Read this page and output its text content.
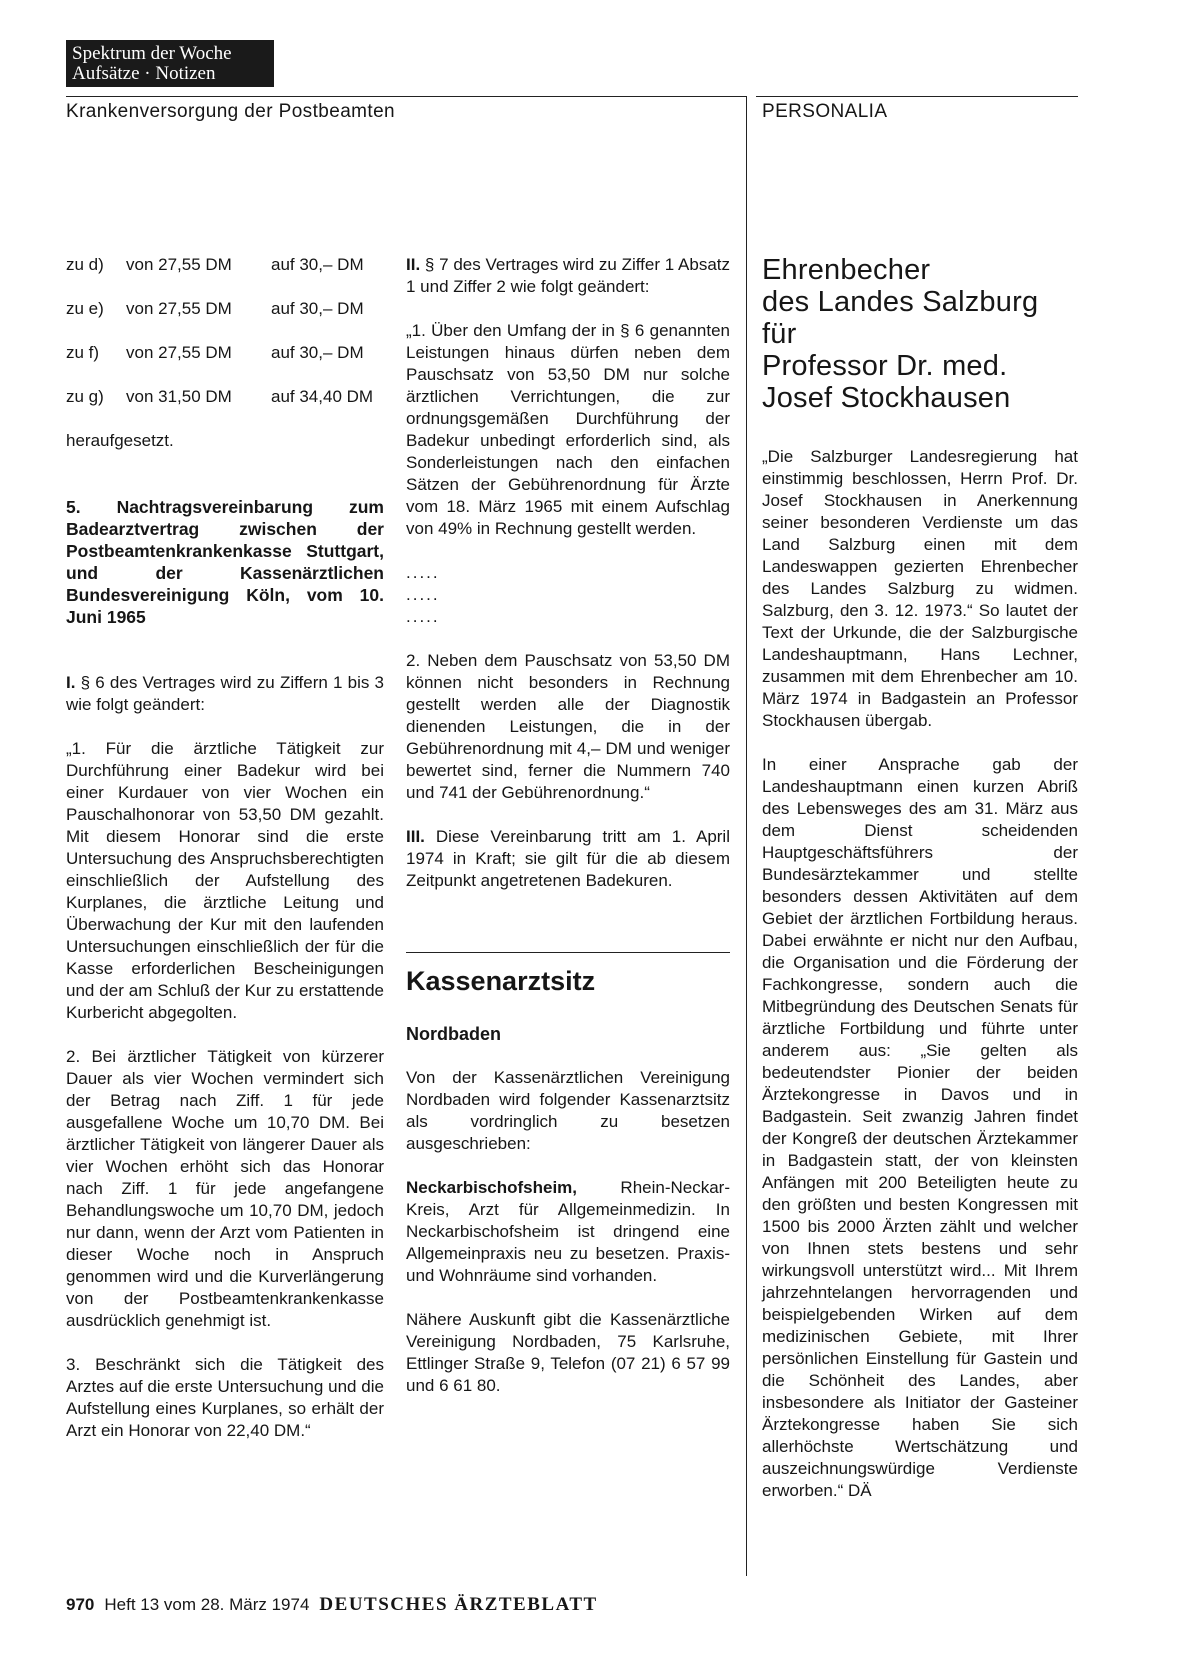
Spektrum der Woche
Aufsätze · Notizen
Krankenversorgung der Postbeamten	PERSONALIA
zu d) von 27,55 DM auf 30,– DM
zu e) von 27,55 DM auf 30,– DM
zu f) von 27,55 DM auf 30,– DM
zu g) von 31,50 DM auf 34,40 DM

heraufgesetzt.

5. Nachtragsvereinbarung zum Badearztvertrag zwischen der Postbeamtenkrankenkasse Stuttgart, und der Kassenärztlichen Bundesvereinigung Köln, vom 10. Juni 1965

I. § 6 des Vertrages wird zu Ziffern 1 bis 3 wie folgt geändert:

„1. Für die ärztliche Tätigkeit zur Durchführung einer Badekur wird bei einer Kurdauer von vier Wochen ein Pauschalhonorar von 53,50 DM gezahlt. Mit diesem Honorar sind die erste Untersuchung des Anspruchsberechtigten einschließlich der Aufstellung des Kurplanes, die ärztliche Leitung und Überwachung der Kur mit den laufenden Untersuchungen einschließlich der für die Kasse erforderlichen Bescheinigungen und der am Schluß der Kur zu erstattende Kurbericht abgegolten.

2. Bei ärztlicher Tätigkeit von kürzerer Dauer als vier Wochen vermindert sich der Betrag nach Ziff. 1 für jede ausgefallene Woche um 10,70 DM. Bei ärztlicher Tätigkeit von längerer Dauer als vier Wochen erhöht sich das Honorar nach Ziff. 1 für jede angefangene Behandlungswoche um 10,70 DM, jedoch nur dann, wenn der Arzt vom Patienten in dieser Woche noch in Anspruch genommen wird und die Kurverlängerung von der Postbeamtenkrankenkasse ausdrücklich genehmigt ist.

3. Beschränkt sich die Tätigkeit des Arztes auf die erste Untersuchung und die Aufstellung eines Kurplanes, so erhält der Arzt ein Honorar von 22,40 DM.“

II. § 7 des Vertrages wird zu Ziffer 1 Absatz 1 und Ziffer 2 wie folgt geändert:

„1. Über den Umfang der in § 6 genannten Leistungen hinaus dürfen neben dem Pauschsatz von 53,50 DM nur solche ärztlichen Verrichtungen, die zur ordnungsgemäßen Durchführung der Badekur unbedingt erforderlich sind, als Sonderleistungen nach den einfachen Sätzen der Gebührenordnung für Ärzte vom 18. März 1965 mit einem Aufschlag von 49% in Rechnung gestellt werden.

.....
.....
.....

2. Neben dem Pauschsatz von 53,50 DM können nicht besonders in Rechnung gestellt werden alle der Diagnostik dienenden Leistungen, die in der Gebührenordnung mit 4,– DM und weniger bewertet sind, ferner die Nummern 740 und 741 der Gebührenordnung.“

III. Diese Vereinbarung tritt am 1. April 1974 in Kraft; sie gilt für die ab diesem Zeitpunkt angetretenen Badekuren.

Kassenarztsitz
Nordbaden

Von der Kassenärztlichen Vereinigung Nordbaden wird folgender Kassenarztsitz als vordringlich zu besetzen ausgeschrieben:

Neckarbischofsheim, Rhein-Neckar-Kreis, Arzt für Allgemeinmedizin. In Neckarbischofsheim ist dringend eine Allgemeinpraxis neu zu besetzen. Praxis- und Wohnräume sind vorhanden.

Nähere Auskunft gibt die Kassenärztliche Vereinigung Nordbaden, 75 Karlsruhe, Ettlinger Straße 9, Telefon (07 21) 6 57 99 und 6 61 80.

Ehrenbecher
des Landes Salzburg
für
Professor Dr. med.
Josef Stockhausen

„Die Salzburger Landesregierung hat einstimmig beschlossen, Herrn Prof. Dr. Josef Stockhausen in Anerkennung seiner besonderen Verdienste um das Land Salzburg einen mit dem Landeswappen gezierten Ehrenbecher des Landes Salzburg zu widmen. Salzburg, den 3. 12. 1973.“ So lautet der Text der Urkunde, die der Salzburgische Landeshauptmann, Hans Lechner, zusammen mit dem Ehrenbecher am 10. März 1974 in Badgastein an Professor Stockhausen übergab.

In einer Ansprache gab der Landeshauptmann einen kurzen Abriß des Lebensweges des am 31. März aus dem Dienst scheidenden Hauptgeschäftsführers der Bundesärztekammer und stellte besonders dessen Aktivitäten auf dem Gebiet der ärztlichen Fortbildung heraus. Dabei erwähnte er nicht nur den Aufbau, die Organisation und die Förderung der Fachkongresse, sondern auch die Mitbegründung des Deutschen Senats für ärztliche Fortbildung und führte unter anderem aus: „Sie gelten als bedeutendster Pionier der beiden Ärztekongresse in Davos und in Badgastein. Seit zwanzig Jahren findet der Kongreß der deutschen Ärztekammer in Badgastein statt, der von kleinsten Anfängen mit 200 Beteiligten heute zu den größten und besten Kongressen mit 1500 bis 2000 Ärzten zählt und welcher von Ihnen stets bestens und sehr wirkungsvoll unterstützt wird... Mit Ihrem jahrzehntelangen hervorragenden und beispielgebenden Wirken auf dem medizinischen Gebiete, mit Ihrer persönlichen Einstellung für Gastein und die Schönheit des Landes, aber insbesondere als Initiator der Gasteiner Ärztekongresse haben Sie sich allerhöchste Wertschätzung und auszeichnungswürdige Verdienste erworben.“ DÄ

970 Heft 13 vom 28. März 1974 DEUTSCHES ÄRZTEBLATT
